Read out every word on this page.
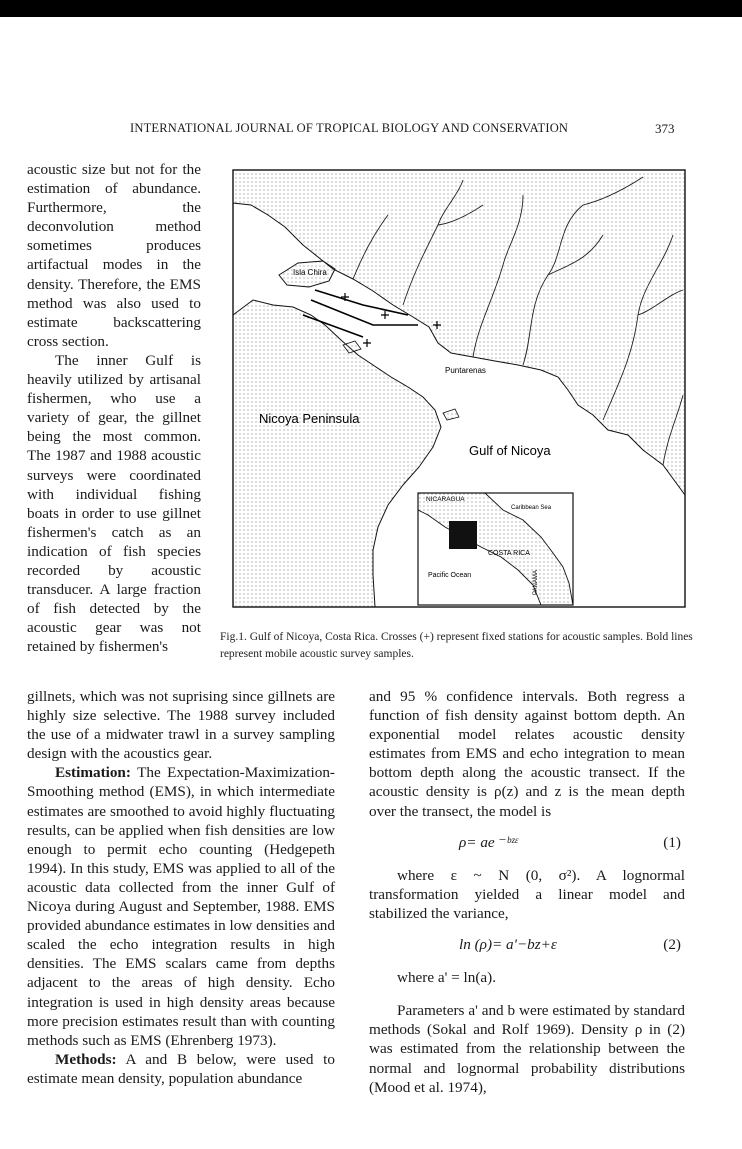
INTERNATIONAL JOURNAL OF TROPICAL BIOLOGY AND CONSERVATION	373

acoustic size but not for the estimation of abundance. Furthermore, the deconvolution method sometimes produces artifactual modes in the density. Therefore, the EMS method was also used to estimate backscattering cross section.

The inner Gulf is heavily utilized by artisanal fishermen, who use a variety of gear, the gillnet being the most common. The 1987 and 1988 acoustic surveys were coordinated with individual fishing boats in order to use gillnet fishermen's catch as an indication of fish species recorded by acoustic transducer. A large fraction of fish detected by the acoustic gear was not retained by fishermen's

Isla Chira
Puntarenas
Nicoya Peninsula
Gulf of Nicoya
NICARAGUA
Caribbean Sea
COSTA RICA
Pacific Ocean	PANAMA
Fig.1. Gulf of Nicoya, Costa Rica. Crosses (+) represent fixed stations for acoustic samples. Bold lines represent mobile acoustic survey samples.

gillnets, which was not suprising since gillnets are highly size selective. The 1988 survey included the use of a midwater trawl in a survey sampling design with the acoustics gear.

Estimation: The Expectation-Maximization-Smoothing method (EMS), in which intermediate estimates are smoothed to avoid highly fluctuating results, can be applied when fish densities are low enough to permit echo counting (Hedgepeth 1994). In this study, EMS was applied to all of the acoustic data collected from the inner Gulf of Nicoya during August and September, 1988. EMS provided abundance estimates in low densities and scaled the echo integration results in high densities. The EMS scalars came from depths adjacent to the areas of high density. Echo integration is used in high density areas because more precision estimates result than with counting methods such as EMS (Ehrenberg 1973).

Methods: A and B below, were used to estimate mean density, population abundance

and 95 % confidence intervals. Both regress a function of fish density against bottom depth. An exponential model relates acoustic density estimates from EMS and echo integration to mean bottom depth along the acoustic transect. If the acoustic density is ρ(z) and z is the mean depth over the transect, the model is

ρ= ae ⁻ᵇᶻᵋ	(1)

where ε ~ N (0, σ²). A lognormal transformation yielded a linear model and stabilized the variance,

ln (ρ)= a'−bz+ε	(2)

where a' = ln(a).

Parameters a' and b were estimated by standard methods (Sokal and Rolf 1969). Density ρ in (2) was estimated from the relationship between the normal and lognormal probability distributions (Mood et al. 1974),
